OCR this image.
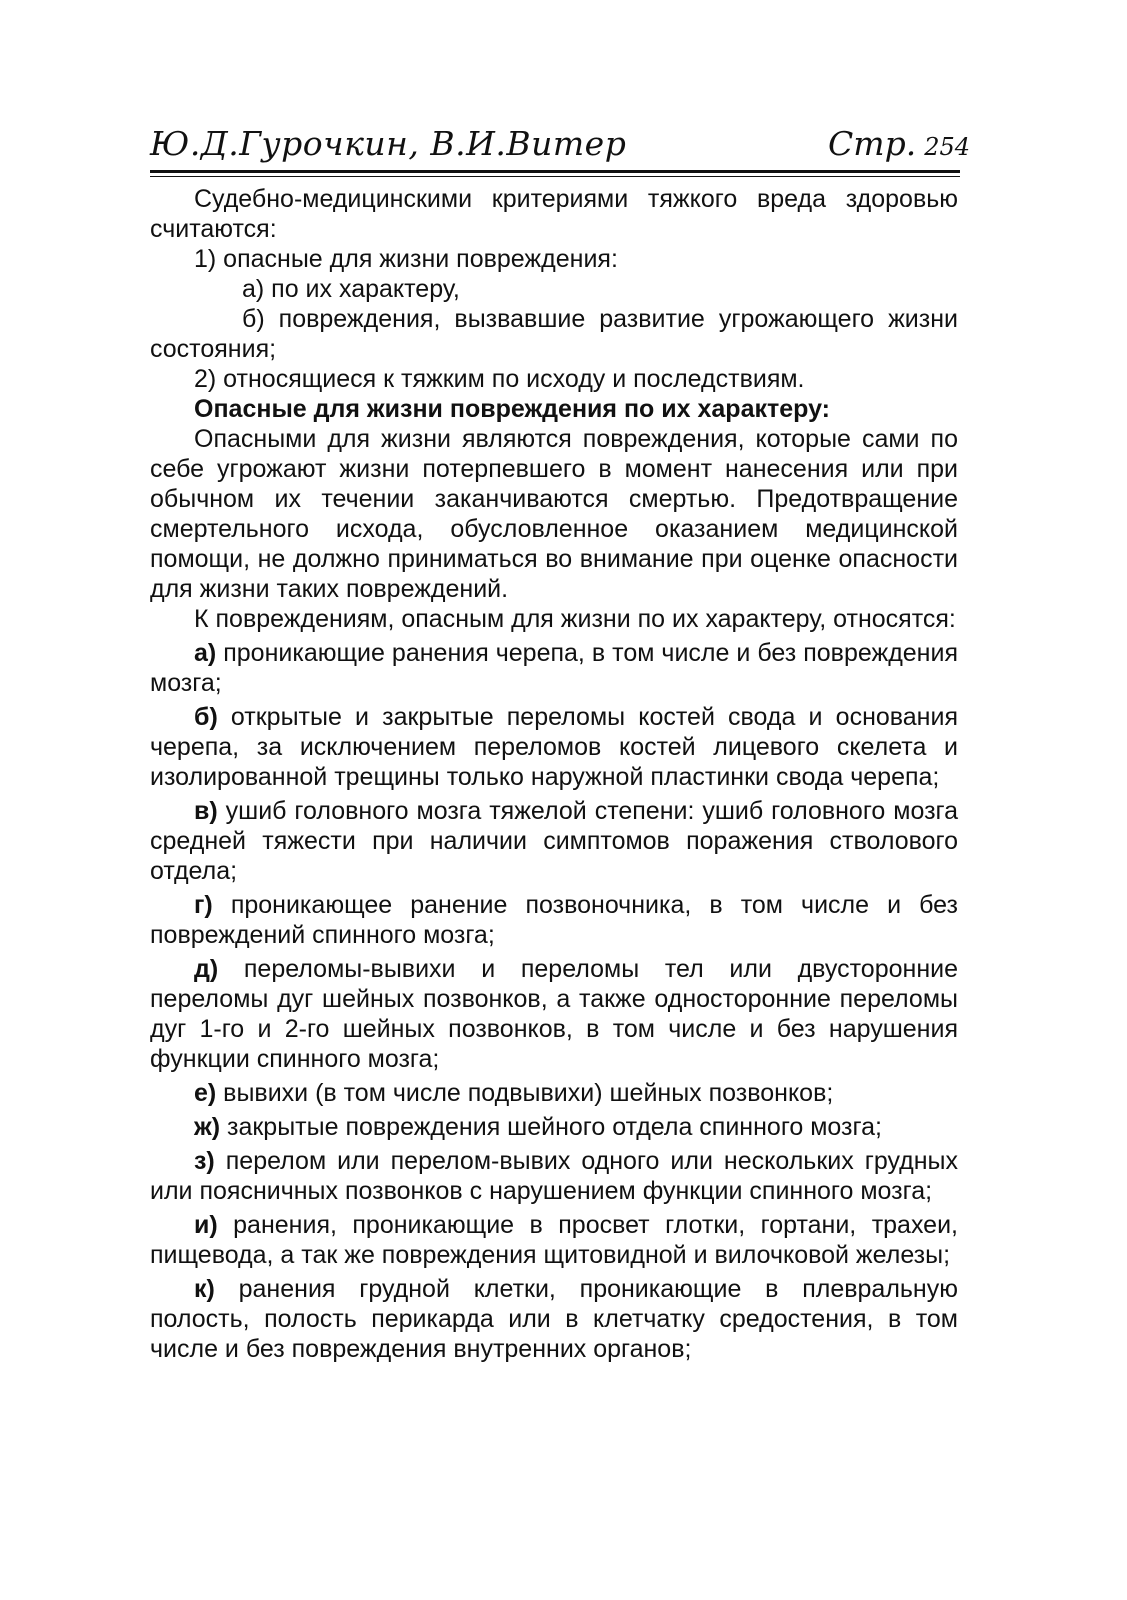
Ю.Д.Гурочкин, В.И.Витер	Стр. 254

Судебно-медицинскими критериями тяжкого вреда здоровью считаются:

1) опасные для жизни повреждения:

а) по их характеру,

б) повреждения, вызвавшие развитие угрожающего жизни состояния;

2) относящиеся к тяжким по исходу и последствиям.

Опасные для жизни повреждения по их характеру:

Опасными для жизни являются повреждения, которые сами по себе угрожают жизни потерпевшего в момент нанесения или при обычном их течении заканчиваются смертью. Предотвращение смертельного исхода, обусловленное оказанием медицинской помощи, не должно приниматься во внимание при оценке опасности для жизни таких повреждений.

К повреждениям, опасным для жизни по их характеру, относятся:

а) проникающие ранения черепа, в том числе и без повреждения мозга;

б) открытые и закрытые переломы костей свода и основания черепа, за исключением переломов костей лицевого скелета и изолированной трещины только наружной пластинки свода черепа;

в) ушиб головного мозга тяжелой степени: ушиб головного мозга средней тяжести при наличии симптомов поражения стволового отдела;

г) проникающее ранение позвоночника, в том числе и без повреждений спинного мозга;

д) переломы-вывихи и переломы тел или двусторонние переломы дуг шейных позвонков, а также односторонние переломы дуг 1-го и 2-го шейных позвонков, в том числе и без нарушения функции спинного мозга;

е) вывихи (в том числе подвывихи) шейных позвонков;

ж) закрытые повреждения шейного отдела спинного мозга;

з) перелом или перелом-вывих одного или нескольких грудных или поясничных позвонков с нарушением функции спинного мозга;

и) ранения, проникающие в просвет глотки, гортани, трахеи, пищевода, а так же повреждения щитовидной и вилочковой железы;

к) ранения грудной клетки, проникающие в плевральную полость, полость перикарда или в клетчатку средостения, в том числе и без повреждения внутренних органов;
